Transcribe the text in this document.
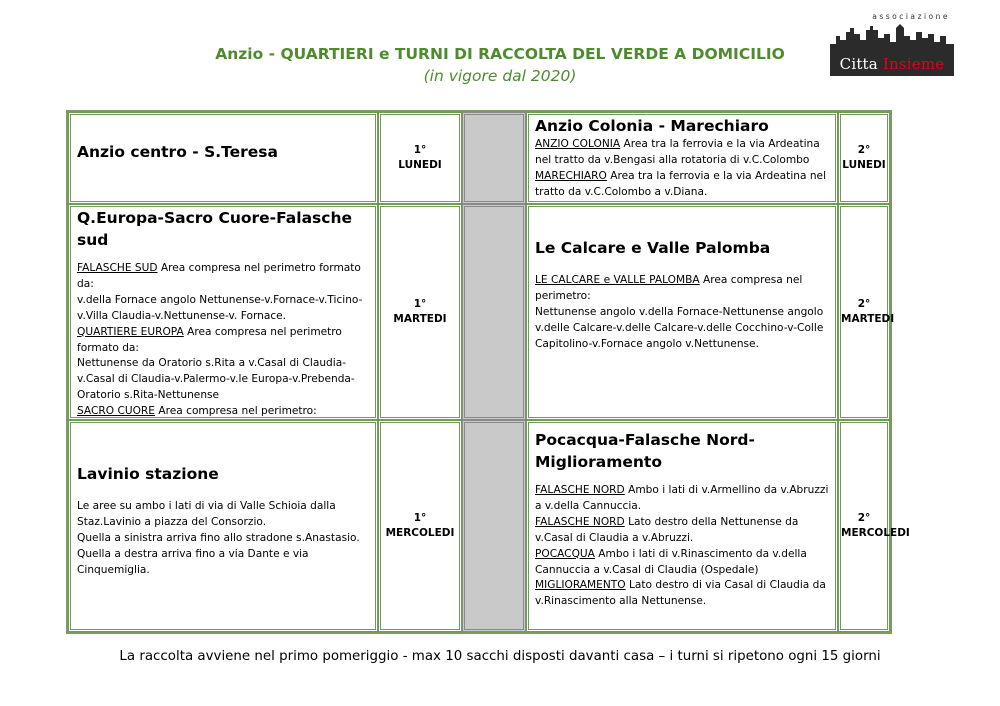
Anzio - QUARTIERI e TURNI DI RACCOLTA DEL VERDE A DOMICILIO
(in vigore dal 2020)
associazione
Citta Insieme
Anzio centro - S.Teresa	1°
LUNEDI
Anzio Colonia - Marechiaro
ANZIO COLONIA Area tra la ferrovia e la via Ardeatina nel tratto da v.Bengasi alla rotatoria di v.C.Colombo
MARECHIARO Area tra la ferrovia e la via Ardeatina nel tratto da v.C.Colombo a v.Diana.
2°
LUNEDI
Q.Europa-Sacro Cuore-Falasche sud
FALASCHE SUD Area compresa nel perimetro formato da:
v.della Fornace angolo Nettunense-v.Fornace-v.Ticino-v.Villa Claudia-v.Nettunense-v. Fornace.
QUARTIERE EUROPA Area compresa nel perimetro formato da:
Nettunense da Oratorio s.Rita a v.Casal di Claudia-v.Casal di Claudia-v.Palermo-v.le Europa-v.Prebenda-Oratorio s.Rita-Nettunense
SACRO CUORE Area compresa nel perimetro:
1°
MARTEDI
Le Calcare e Valle Palomba
LE CALCARE e VALLE PALOMBA Area compresa nel perimetro:
Nettunense angolo v.della Fornace-Nettunense angolo v.delle Calcare-v.delle Calcare-v.delle Cocchino-v-Colle Capitolino-v.Fornace angolo v.Nettunense.
2°
MARTEDI
Lavinio stazione
Le aree su ambo i lati di via di Valle Schioia dalla Staz.Lavinio a piazza del Consorzio.
Quella a sinistra arriva fino allo stradone s.Anastasio.
Quella a destra arriva fino a via Dante e via Cinquemiglia.
1°
MERCOLEDI
Pocacqua-Falasche Nord-Miglioramento
FALASCHE NORD Ambo i lati di v.Armellino da v.Abruzzi a v.della Cannuccia.
FALASCHE NORD Lato destro della Nettunense da v.Casal di Claudia a v.Abruzzi.
POCACQUA Ambo i lati di v.Rinascimento da v.della Cannuccia a v.Casal di Claudia (Ospedale)
MIGLIORAMENTO Lato destro di via Casal di Claudia da v.Rinascimento alla Nettunense.
2°
MERCOLEDI
La raccolta avviene nel primo pomeriggio - max 10 sacchi disposti davanti casa – i turni si ripetono ogni 15 giorni
